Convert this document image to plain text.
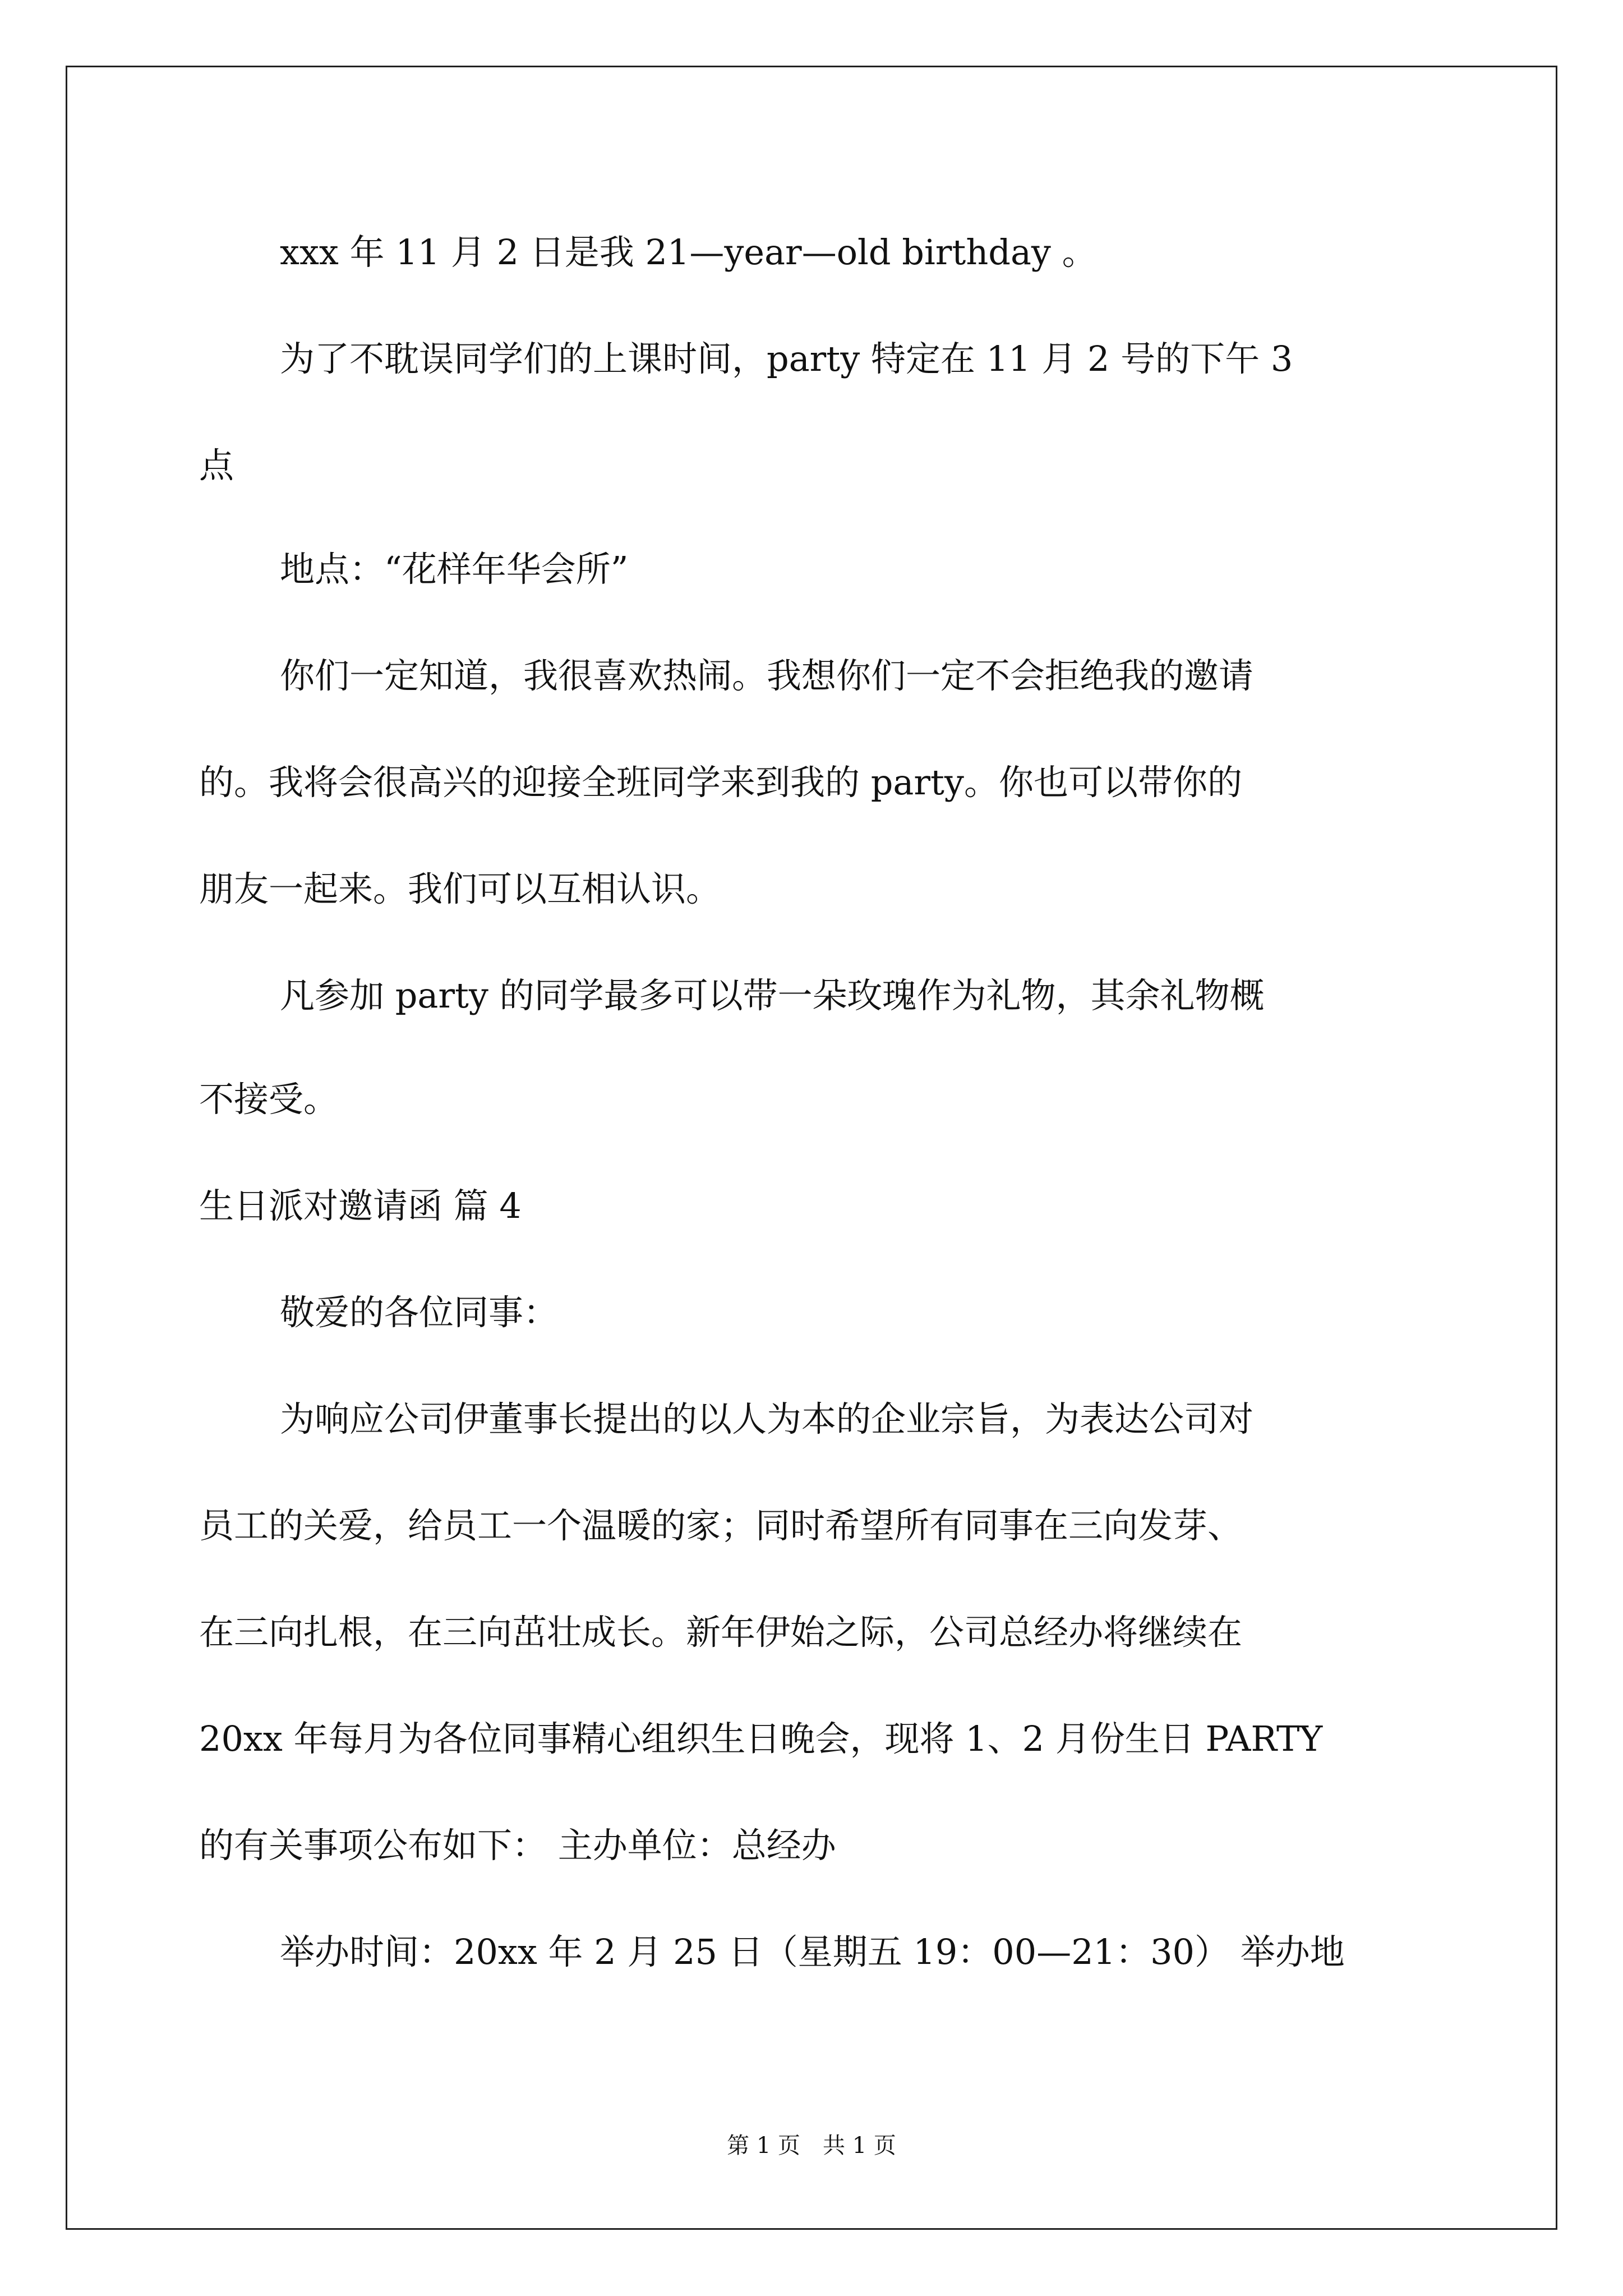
xxx 年 11 月 2 日是我 21—year—old birthday 。
为了不耽误同学们的上课时间，party 特定在 11 月 2 号的下午 3
点
地点：“花样年华会所”
你们一定知道，我很喜欢热闹。我想你们一定不会拒绝我的邀请
的。我将会很高兴的迎接全班同学来到我的 party。你也可以带你的
朋友一起来。我们可以互相认识。
凡参加 party 的同学最多可以带一朵玫瑰作为礼物，其余礼物概
不接受。
生日派对邀请函 篇 4
敬爱的各位同事：
为响应公司伊董事长提出的以人为本的企业宗旨，为表达公司对
员工的关爱，给员工一个温暖的家；同时希望所有同事在三向发芽、
在三向扎根，在三向茁壮成长。新年伊始之际，公司总经办将继续在
20xx 年每月为各位同事精心组织生日晚会，现将 1、2 月份生日 PARTY
的有关事项公布如下： 主办单位：总经办
举办时间：20xx 年 2 月 25 日（星期五 19：00—21：30） 举办地
第 1 页　共 1 页
